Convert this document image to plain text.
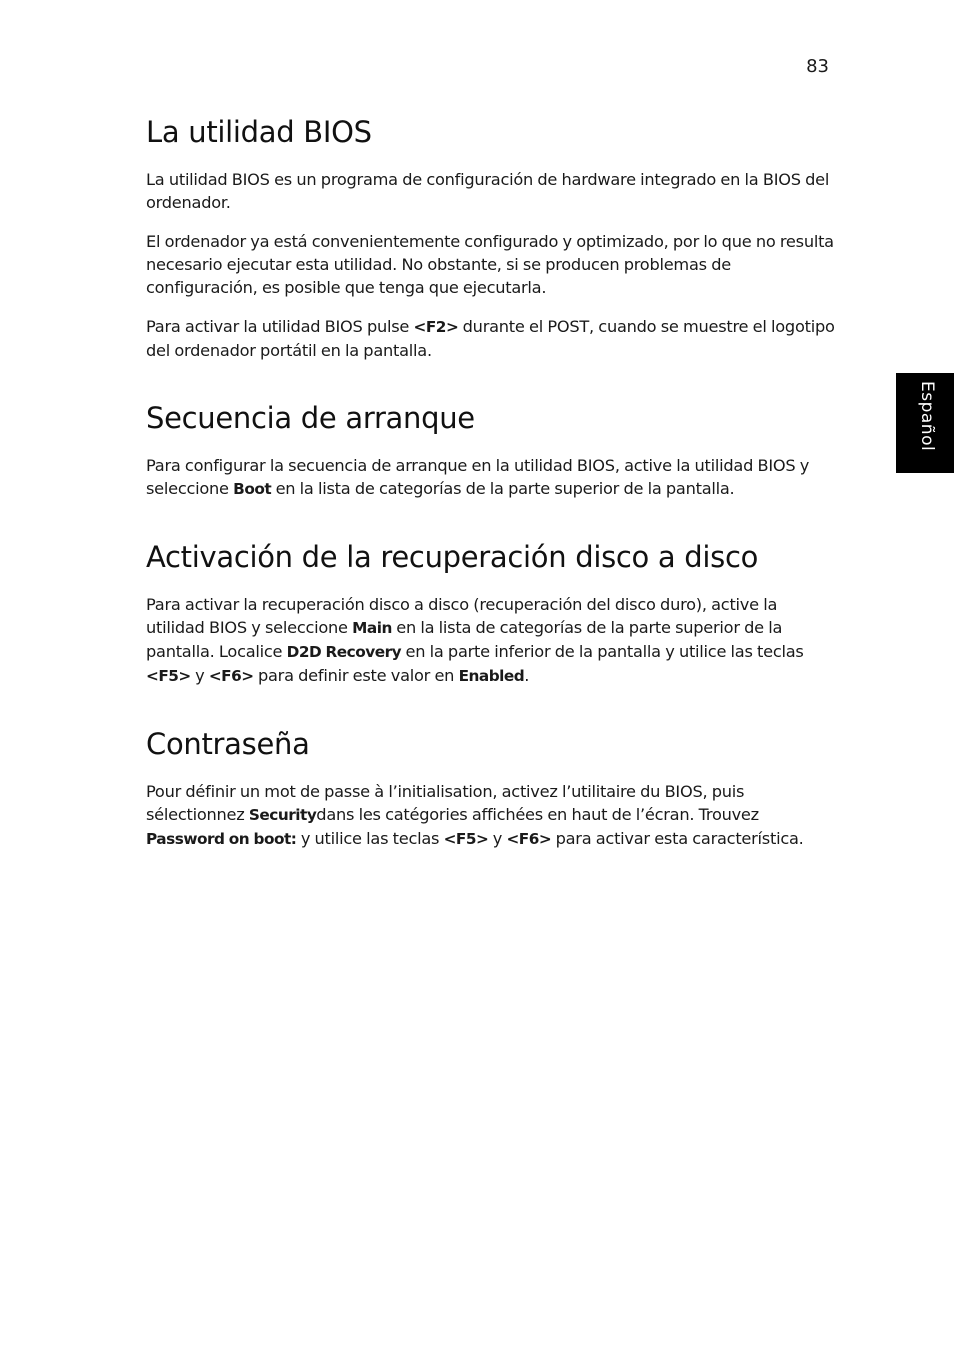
83
Español
La utilidad BIOS

La utilidad BIOS es un programa de configuración de hardware integrado en la BIOS del ordenador.

El ordenador ya está convenientemente configurado y optimizado, por lo que no resulta necesario ejecutar esta utilidad. No obstante, si se producen problemas de configuración, es posible que tenga que ejecutarla.

Para activar la utilidad BIOS pulse <F2> durante el POST, cuando se muestre el logotipo del ordenador portátil en la pantalla.

Secuencia de arranque

Para configurar la secuencia de arranque en la utilidad BIOS, active la utilidad BIOS y seleccione Boot en la lista de categorías de la parte superior de la pantalla.

Activación de la recuperación disco a disco

Para activar la recuperación disco a disco (recuperación del disco duro), active la utilidad BIOS y seleccione Main en la lista de categorías de la parte superior de la pantalla. Localice D2D Recovery en la parte inferior de la pantalla y utilice las teclas <F5> y <F6> para definir este valor en Enabled.

Contraseña

Pour définir un mot de passe à l’initialisation, activez l’utilitaire du BIOS, puis sélectionnez Securitydans les catégories affichées en haut de l’écran. Trouvez Password on boot: y utilice las teclas <F5> y <F6> para activar esta característica.
